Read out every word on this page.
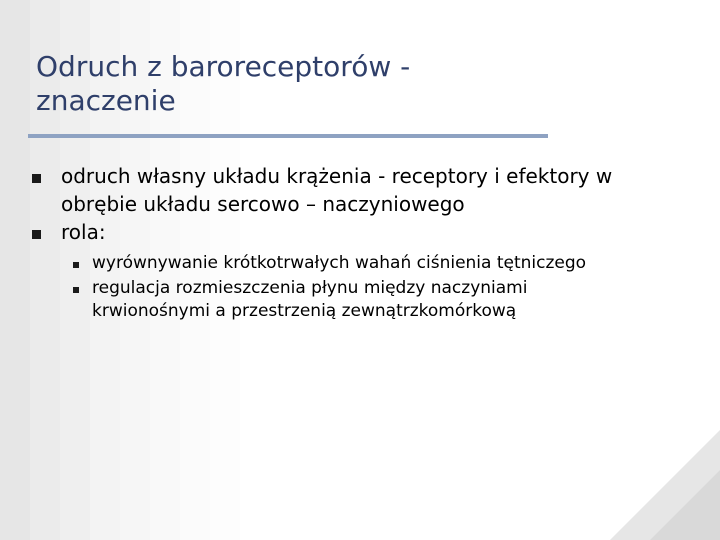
Odruch z baroreceptorów - znaczenie
odruch własny układu krążenia - receptory i efektory w obrębie układu sercowo – naczyniowego
rola:
wyrównywanie krótkotrwałych wahań ciśnienia tętniczego
regulacja rozmieszczenia płynu między naczyniami krwionośnymi a przestrzenią zewnątrzkomórkową
